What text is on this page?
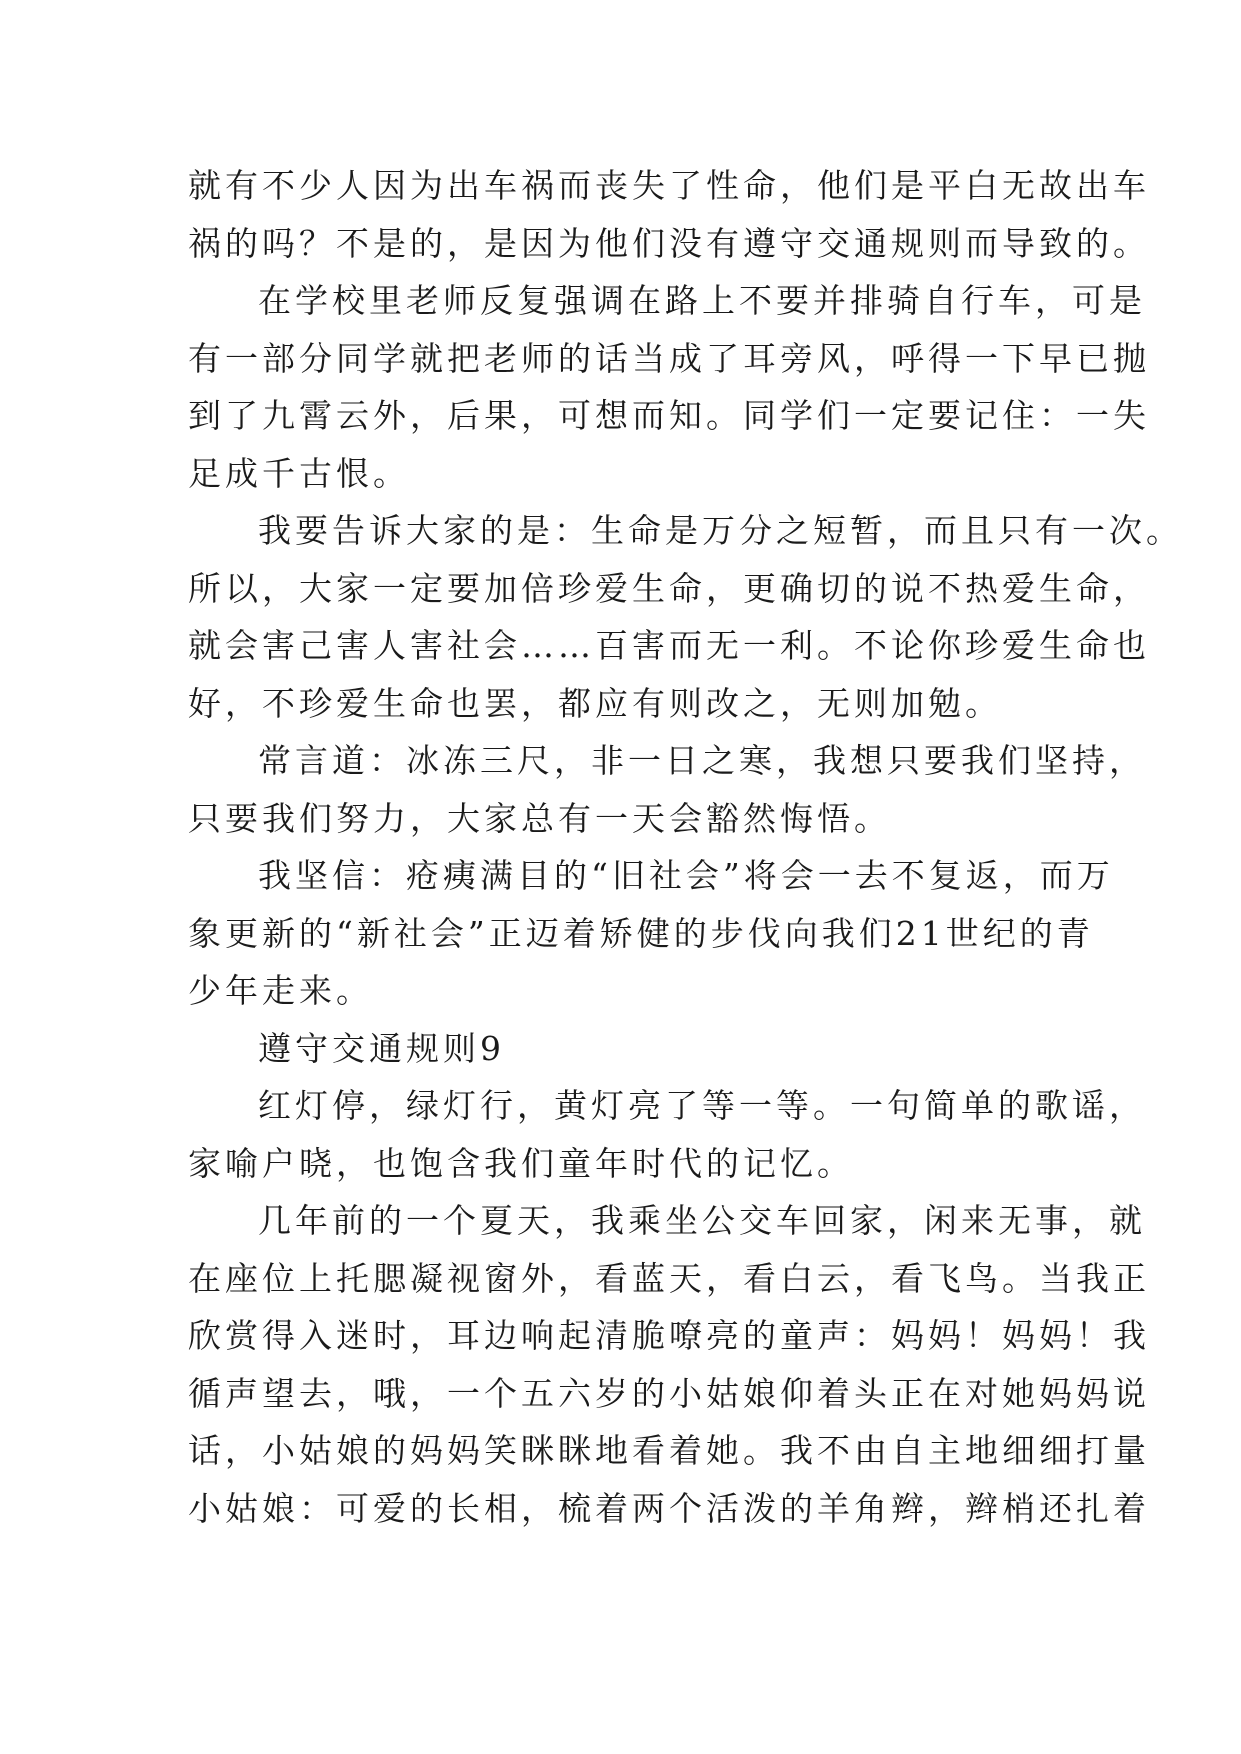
就有不少人因为出车祸而丧失了性命，他们是平白无故出车
祸的吗？不是的，是因为他们没有遵守交通规则而导致的。
在学校里老师反复强调在路上不要并排骑自行车，可是
有一部分同学就把老师的话当成了耳旁风，呼得一下早已抛
到了九霄云外，后果，可想而知。同学们一定要记住：一失
足成千古恨。
我要告诉大家的是：生命是万分之短暂，而且只有一次。
所以，大家一定要加倍珍爱生命，更确切的说不热爱生命，
就会害己害人害社会……百害而无一利。不论你珍爱生命也
好，不珍爱生命也罢，都应有则改之，无则加勉。
常言道：冰冻三尺，非一日之寒，我想只要我们坚持，
只要我们努力，大家总有一天会豁然悔悟。
我坚信：疮痍满目的“旧社会”将会一去不复返，而万
象更新的“新社会”正迈着矫健的步伐向我们21世纪的青
少年走来。
遵守交通规则9
红灯停，绿灯行，黄灯亮了等一等。一句简单的歌谣，
家喻户晓，也饱含我们童年时代的记忆。
几年前的一个夏天，我乘坐公交车回家，闲来无事，就
在座位上托腮凝视窗外，看蓝天，看白云，看飞鸟。当我正
欣赏得入迷时，耳边响起清脆嘹亮的童声：妈妈！妈妈！我
循声望去，哦，一个五六岁的小姑娘仰着头正在对她妈妈说
话，小姑娘的妈妈笑眯眯地看着她。我不由自主地细细打量
小姑娘：可爱的长相，梳着两个活泼的羊角辫，辫梢还扎着
